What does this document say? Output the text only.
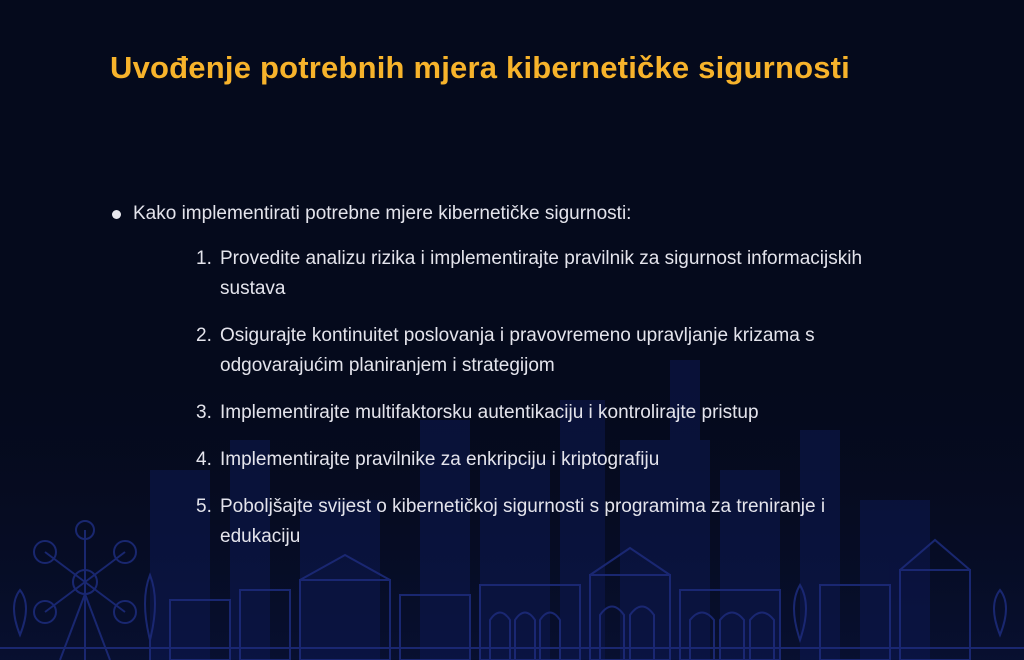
Uvođenje potrebnih mjera kibernetičke sigurnosti
Kako implementirati potrebne mjere kibernetičke sigurnosti:
1. Provedite analizu rizika i implementirajte pravilnik za sigurnost informacijskih sustava
2. Osigurajte kontinuitet poslovanja i pravovremeno upravljanje krizama s odgovarajućim planiranjem i strategijom
3. Implementirajte multifaktorsku autentikaciju i kontrolirajte pristup
4. Implementirajte pravilnike za enkripciju i kriptografiju
5. Poboljšajte svijest o kibernetičkoj sigurnosti s programima za treniranje i edukaciju
